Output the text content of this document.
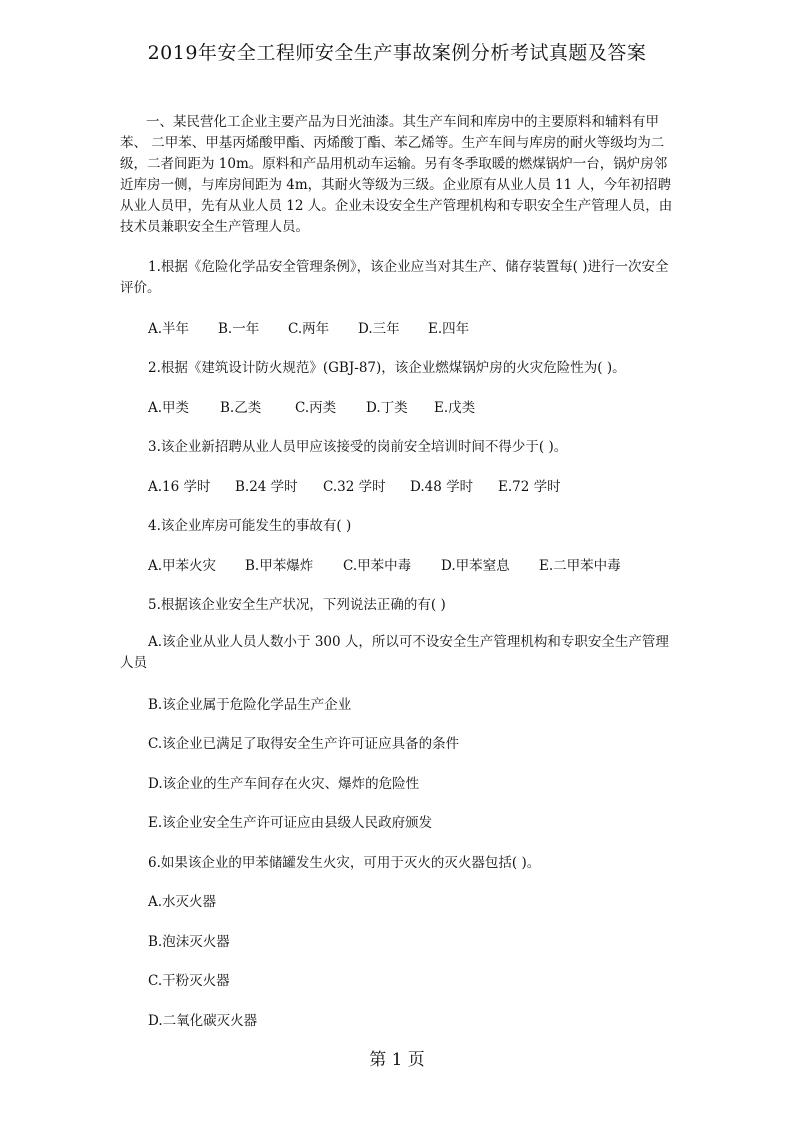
2019年安全工程师安全生产事故案例分析考试真题及答案

一、某民营化工企业主要产品为日光油漆。其生产车间和库房中的主要原料和辅料有甲苯、 二甲苯、甲基丙烯酸甲酯、丙烯酸丁酯、苯乙烯等。生产车间与库房的耐火等级均为二级，二者间距为 10m。原料和产品用机动车运输。另有冬季取暖的燃煤锅炉一台，锅炉房邻近库房一侧，与库房间距为 4m，其耐火等级为三级。企业原有从业人员 11 人，今年初招聘从业人员甲，先有从业人员 12 人。企业未设安全生产管理机构和专职安全生产管理人员，由技术员兼职安全生产管理人员。

1.根据《危险化学品安全管理条例》，该企业应当对其生产、储存装置每( )进行一次安全评价。

A.半年 B.一年 C.两年 D.三年 E.四年
2.根据《建筑设计防火规范》(GBJ-87)，该企业燃煤锅炉房的火灾危险性为( )。
A.甲类 B.乙类	C.丙类 D.丁类 E.戊类
3.该企业新招聘从业人员甲应该接受的岗前安全培训时间不得少于( )。
A.16 学时 B.24 学时 C.32 学时 D.48 学时 E.72 学时
4.该企业库房可能发生的事故有( )
A.甲苯火灾 B.甲苯爆炸 C.甲苯中毒 D.甲苯窒息 E.二甲苯中毒
5.根据该企业安全生产状况，下列说法正确的有( )

A.该企业从业人员人数小于 300 人，所以可不设安全生产管理机构和专职安全生产管理人员

B.该企业属于危险化学品生产企业
C.该企业已满足了取得安全生产许可证应具备的条件
D.该企业的生产车间存在火灾、爆炸的危险性
E.该企业安全生产许可证应由县级人民政府颁发
6.如果该企业的甲苯储罐发生火灾，可用于灭火的灭火器包括( )。
A.水灭火器
B.泡沫灭火器
C.干粉灭火器
D.二氧化碳灭火器
第 1 页
